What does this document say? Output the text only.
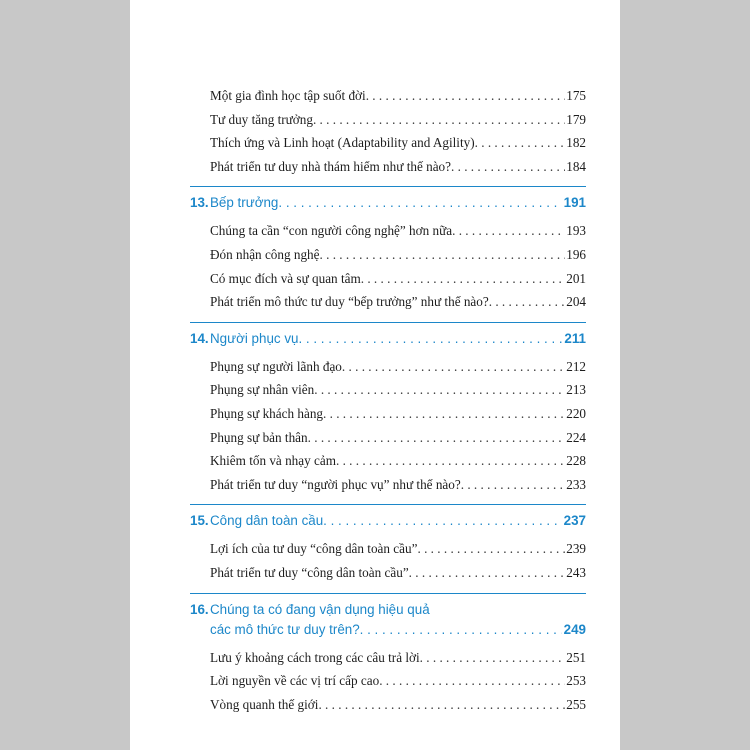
Một gia đình học tập suốt đời . . .	175
Tư duy tăng trưởng . . .	179
Thích ứng và Linh hoạt (Adaptability and Agility) . . .	182
Phát triển tư duy nhà thám hiểm như thế nào? . . .	184
13. Bếp trưởng . . .	191
Chúng ta cần “con người công nghệ” hơn nữa . . .	193
Đón nhận công nghệ . . .	196
Có mục đích và sự quan tâm . . .	201
Phát triển mô thức tư duy “bếp trưởng” như thế nào? . . .	204
14. Người phục vụ . . .	211
Phụng sự người lãnh đạo . . .	212
Phụng sự nhân viên . . .	213
Phụng sự khách hàng . . .	220
Phụng sự bản thân . . .	224
Khiêm tốn và nhạy cảm . . .	228
Phát triển tư duy “người phục vụ” như thế nào? . . .	233
15. Công dân toàn cầu . . .	237
Lợi ích của tư duy “công dân toàn cầu” . . .	239
Phát triển tư duy “công dân toàn cầu” . . .	243
16. Chúng ta có đang vận dụng hiệu quả
các mô thức tư duy trên? . . .	249
Lưu ý khoảng cách trong các câu trả lời . . .	251
Lời nguyền về các vị trí cấp cao . . .	253
Vòng quanh thế giới . . .	255
